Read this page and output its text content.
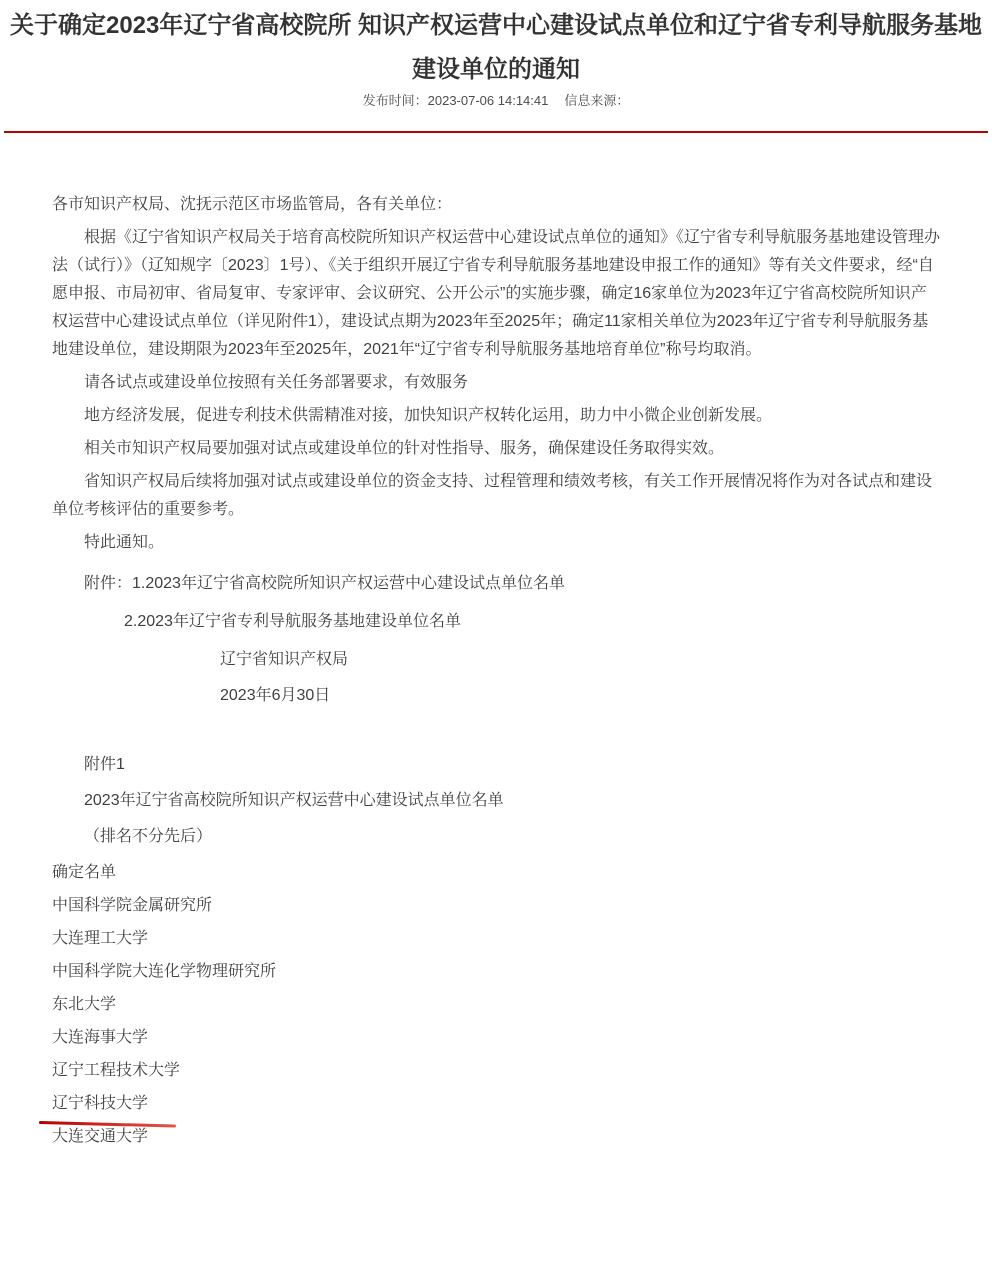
关于确定2023年辽宁省高校院所 知识产权运营中心建设试点单位和辽宁省专利导航服务基地
建设单位的通知
发布时间：2023-07-06 14:14:41 信息来源：

各市知识产权局、沈抚示范区市场监管局，各有关单位：

根据《辽宁省知识产权局关于培育高校院所知识产权运营中心建设试点单位的通知》《辽宁省专利导航服务基地建设管理办法（试行）》（辽知规字〔2023〕1号）、《关于组织开展辽宁省专利导航服务基地建设申报工作的通知》等有关文件要求，经“自愿申报、市局初审、省局复审、专家评审、会议研究、公开公示”的实施步骤，确定16家单位为2023年辽宁省高校院所知识产权运营中心建设试点单位（详见附件1），建设试点期为2023年至2025年；确定11家相关单位为2023年辽宁省专利导航服务基地建设单位，建设期限为2023年至2025年，2021年“辽宁省专利导航服务基地培育单位”称号均取消。

请各试点或建设单位按照有关任务部署要求，有效服务

地方经济发展，促进专利技术供需精准对接，加快知识产权转化运用，助力中小微企业创新发展。

相关市知识产权局要加强对试点或建设单位的针对性指导、服务，确保建设任务取得实效。

省知识产权局后续将加强对试点或建设单位的资金支持、过程管理和绩效考核，有关工作开展情况将作为对各试点和建设单位考核评估的重要参考。

特此通知。

附件：1.2023年辽宁省高校院所知识产权运营中心建设试点单位名单

2.2023年辽宁省专利导航服务基地建设单位名单

辽宁省知识产权局

2023年6月30日

附件1

2023年辽宁省高校院所知识产权运营中心建设试点单位名单

（排名不分先后）

确定名单

中国科学院金属研究所

大连理工大学

中国科学院大连化学物理研究所

东北大学

大连海事大学

辽宁工程技术大学

辽宁科技大学

大连交通大学
